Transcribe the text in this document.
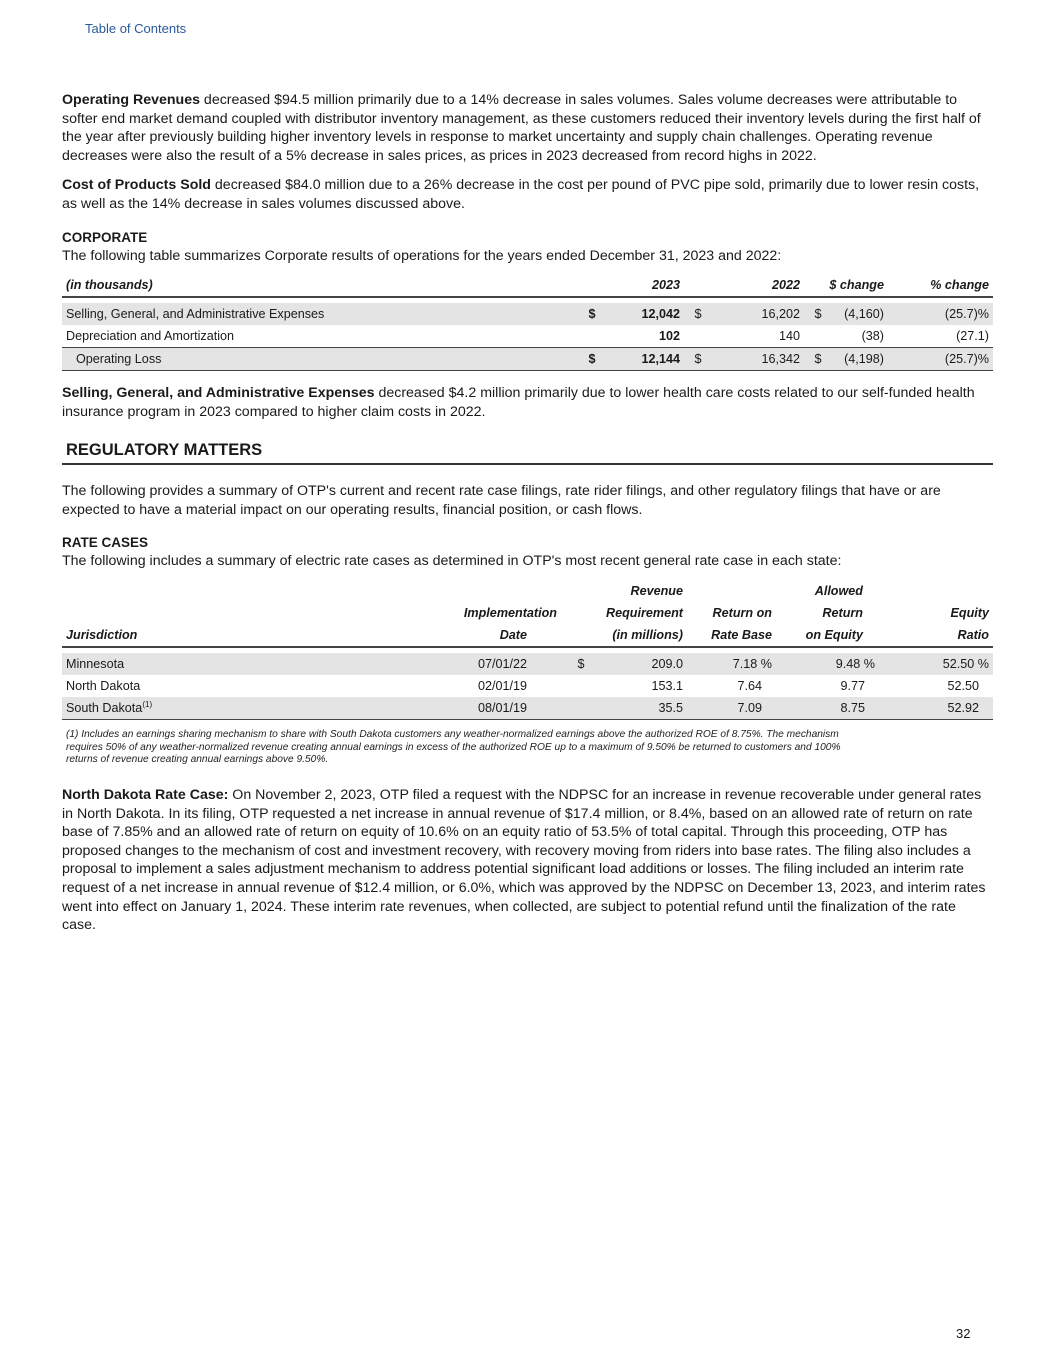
Table of Contents

Operating Revenues decreased $94.5 million primarily due to a 14% decrease in sales volumes. Sales volume decreases were attributable to softer end market demand coupled with distributor inventory management, as these customers reduced their inventory levels during the first half of the year after previously building higher inventory levels in response to market uncertainty and supply chain challenges. Operating revenue decreases were also the result of a 5% decrease in sales prices, as prices in 2023 decreased from record highs in 2022.

Cost of Products Sold decreased $84.0 million due to a 26% decrease in the cost per pound of PVC pipe sold, primarily due to lower resin costs, as well as the 14% decrease in sales volumes discussed above.

CORPORATE

The following table summarizes Corporate results of operations for the years ended December 31, 2023 and 2022:

(in thousands)		2023		2022	$ change		% change

Selling, General, and Administrative Expenses	$	12,042	$	16,202	$	(4,160)	(25.7)%
Depreciation and Amortization		102		140		(38)	(27.1)
Operating Loss	$	12,144	$	16,342	$	(4,198)	(25.7)%

Selling, General, and Administrative Expenses decreased $4.2 million primarily due to lower health care costs related to our self-funded health insurance program in 2023 compared to higher claim costs in 2022.

REGULATORY MATTERS

The following provides a summary of OTP's current and recent rate case filings, rate rider filings, and other regulatory filings that have or are expected to have a material impact on our operating results, financial position, or cash flows.

RATE CASES

The following includes a summary of electric rate cases as determined in OTP's most recent general rate case in each state:

			Revenue		Allowed	
	Implementation		Requirement	Return on	Return	Equity
Jurisdiction	Date		(in millions)	Rate Base	on Equity	Ratio

Minnesota	07/01/22	$	209.0	7.18 %	9.48 %	52.50 %
North Dakota	02/01/19		153.1	7.64	9.77	52.50
South Dakota$^{(1)}$	08/01/19		35.5	7.09	8.75	52.92

(1) Includes an earnings sharing mechanism to share with South Dakota customers any weather-normalized earnings above the authorized ROE of 8.75%. The mechanism requires 50% of any weather-normalized revenue creating annual earnings in excess of the authorized ROE up to a maximum of 9.50% be returned to customers and 100% returns of revenue creating annual earnings above 9.50%.

North Dakota Rate Case: On November 2, 2023, OTP filed a request with the NDPSC for an increase in revenue recoverable under general rates in North Dakota. In its filing, OTP requested a net increase in annual revenue of $17.4 million, or 8.4%, based on an allowed rate of return on rate base of 7.85% and an allowed rate of return on equity of 10.6% on an equity ratio of 53.5% of total capital. Through this proceeding, OTP has proposed changes to the mechanism of cost and investment recovery, with recovery moving from riders into base rates. The filing also includes a proposal to implement a sales adjustment mechanism to address potential significant load additions or losses. The filing included an interim rate request of a net increase in annual revenue of $12.4 million, or 6.0%, which was approved by the NDPSC on December 13, 2023, and interim rates went into effect on January 1, 2024. These interim rate revenues, when collected, are subject to potential refund until the finalization of the rate case.

32
